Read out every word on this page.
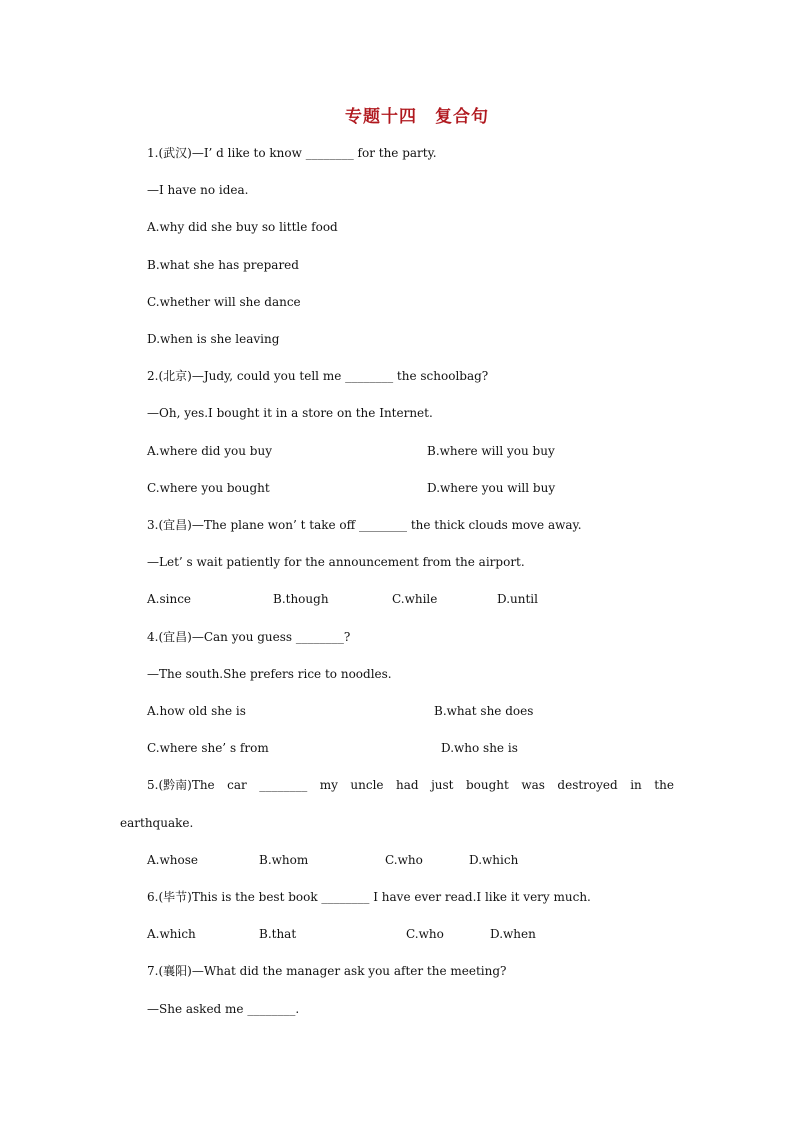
专题十四　复合句
1.(武汉)—I’ d like to know ________ for the party.
—I have no idea.
A.why did she buy so little food
B.what she has prepared
C.whether will she dance
D.when is she leaving
2.(北京)—Judy, could you tell me ________ the schoolbag?
—Oh, yes.I bought it in a store on the Internet.
A.where did you buy	B.where will you buy
C.where you bought	D.where you will buy
3.(宜昌)—The plane won’ t take off ________ the thick clouds move away.
—Let’ s wait patiently for the announcement from the airport.
A.since	B.though	C.while	D.until
4.(宜昌)—Can you guess ________?
—The south.She prefers rice to noodles.
A.how old she is	B.what she does
C.where she’ s from	D.who she is
5.(黔南)The car ________ my uncle had just bought was destroyed in the
earthquake.
A.whose	B.whom	C.who	D.which
6.(毕节)This is the best book ________ I have ever read.I like it very much.
A.which	B.that	C.who	D.when
7.(襄阳)—What did the manager ask you after the meeting?
—She asked me ________.
